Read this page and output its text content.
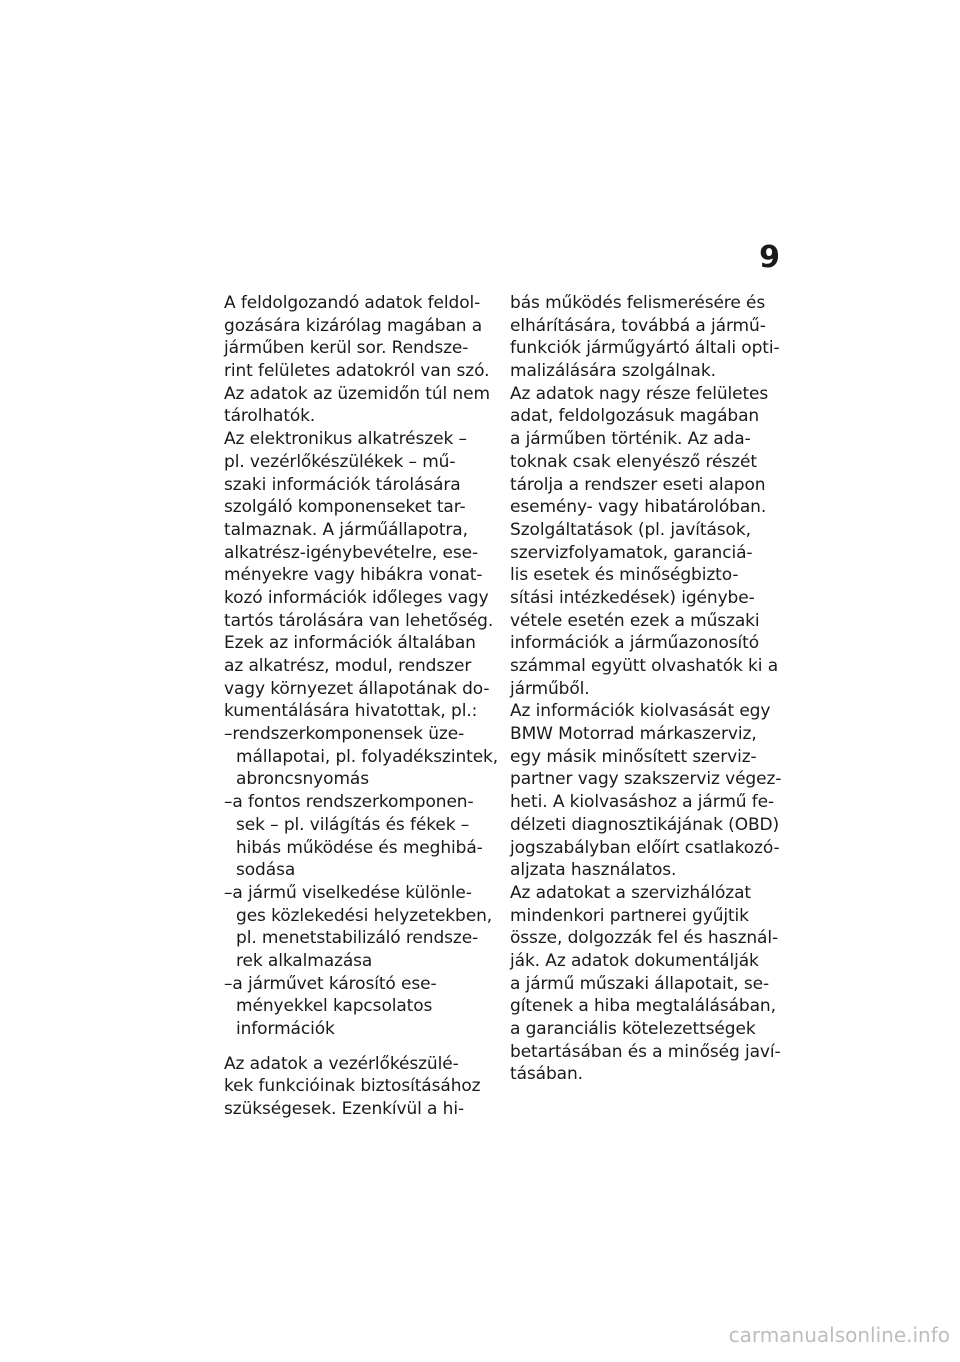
9
A feldolgozandó adatok feldol-
gozására kizárólag magában a
járműben kerül sor. Rendsze-
rint felületes adatokról van szó.
Az adatok az üzemidőn túl nem
tárolhatók.
Az elektronikus alkatrészek –
pl. vezérlőkészülékek – mű-
szaki információk tárolására
szolgáló komponenseket tar-
talmaznak. A járműállapotra,
alkatrész-igénybevételre, ese-
ményekre vagy hibákra vonat-
kozó információk időleges vagy
tartós tárolására van lehetőség.
Ezek az információk általában
az alkatrész, modul, rendszer
vagy környezet állapotának do-
kumentálására hivatottak, pl.:
–rendszerkomponensek üze-
mállapotai, pl. folyadékszintek,
abroncsnyomás
–a fontos rendszerkomponen-
sek – pl. világítás és fékek –
hibás működése és meghibá-
sodása
–a jármű viselkedése különle-
ges közlekedési helyzetekben,
pl. menetstabilizáló rendsze-
rek alkalmazása
–a járművet károsító ese-
ményekkel kapcsolatos
információk
Az adatok a vezérlőkészülé-
kek funkcióinak biztosításához
szükségesek. Ezenkívül a hi-
bás működés felismerésére és
elhárítására, továbbá a jármű-
funkciók járműgyártó általi opti-
malizálására szolgálnak.
Az adatok nagy része felületes
adat, feldolgozásuk magában
a járműben történik. Az ada-
toknak csak elenyésző részét
tárolja a rendszer eseti alapon
esemény- vagy hibatárolóban.
Szolgáltatások (pl. javítások,
szervizfolyamatok, garanciá-
lis esetek és minőségbizto-
sítási intézkedések) igénybe-
vétele esetén ezek a műszaki
információk a járműazonosító
számmal együtt olvashatók ki a
járműből.
Az információk kiolvasását egy
BMW Motorrad márkaszerviz,
egy másik minősített szerviz-
partner vagy szakszerviz végez-
heti. A kiolvasáshoz a jármű fe-
délzeti diagnosztikájának (OBD)
jogszabályban előírt csatlakozó-
aljzata használatos.
Az adatokat a szervizhálózat
mindenkori partnerei gyűjtik
össze, dolgozzák fel és használ-
ják. Az adatok dokumentálják
a jármű műszaki állapotait, se-
gítenek a hiba megtalálásában,
a garanciális kötelezettségek
betartásában és a minőség javí-
tásában.
carmanualsonline.info
